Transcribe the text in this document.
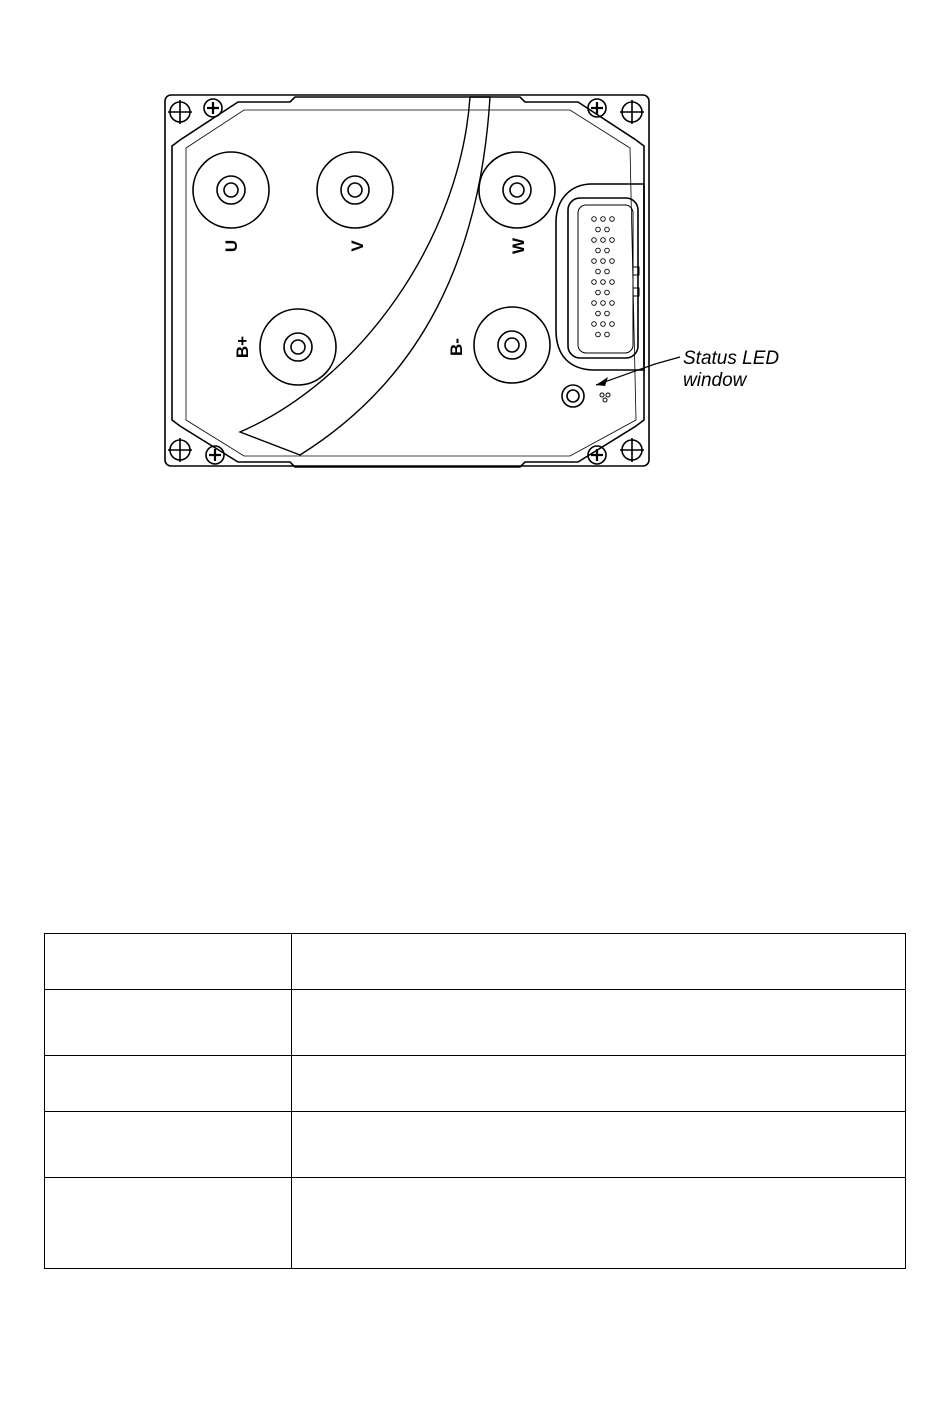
U	V	W
B+	B-
Status LED
window
